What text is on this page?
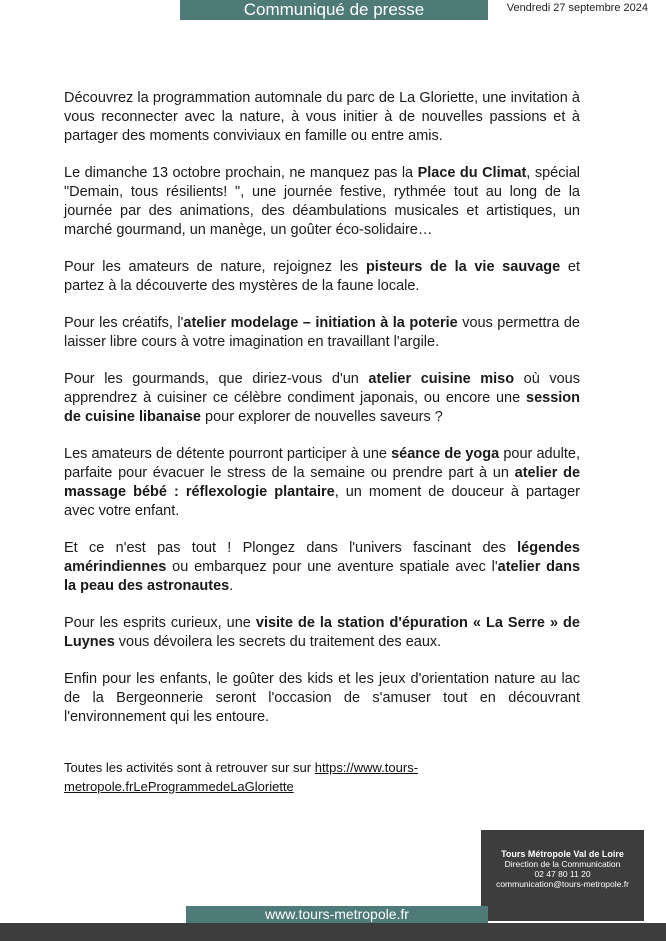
Communiqué de presse	Vendredi 27 septembre 2024

Découvrez la programmation automnale du parc de La Gloriette, une invitation à vous reconnecter avec la nature, à vous initier à de nouvelles passions et à partager des moments conviviaux en famille ou entre amis.

Le dimanche 13 octobre prochain, ne manquez pas la Place du Climat, spécial "Demain, tous résilients! ", une journée festive, rythmée tout au long de la journée par des animations, des déambulations musicales et artistiques, un marché gourmand, un manège, un goûter éco-solidaire…

Pour les amateurs de nature, rejoignez les pisteurs de la vie sauvage et partez à la découverte des mystères de la faune locale.

Pour les créatifs, l'atelier modelage – initiation à la poterie vous permettra de laisser libre cours à votre imagination en travaillant l'argile.

Pour les gourmands, que diriez-vous d'un atelier cuisine miso où vous apprendrez à cuisiner ce célèbre condiment japonais, ou encore une session de cuisine libanaise pour explorer de nouvelles saveurs ?

Les amateurs de détente pourront participer à une séance de yoga pour adulte, parfaite pour évacuer le stress de la semaine ou prendre part à un atelier de massage bébé : réflexologie plantaire, un moment de douceur à partager avec votre enfant.

Et ce n'est pas tout ! Plongez dans l'univers fascinant des légendes amérindiennes ou embarquez pour une aventure spatiale avec l'atelier dans la peau des astronautes.

Pour les esprits curieux, une visite de la station d'épuration « La Serre » de Luynes vous dévoilera les secrets du traitement des eaux.

Enfin pour les enfants, le goûter des kids et les jeux d'orientation nature au lac de la Bergeonnerie seront l'occasion de s'amuser tout en découvrant l'environnement qui les entoure.

Toutes les activités sont à retrouver sur sur https://www.tours-metropole.frLeProgrammedeLaGloriette
Tours Métropole Val de Loire
Direction de la Communication
02 47 80 11 20
communication@tours-metropole.fr
www.tours-metropole.fr
